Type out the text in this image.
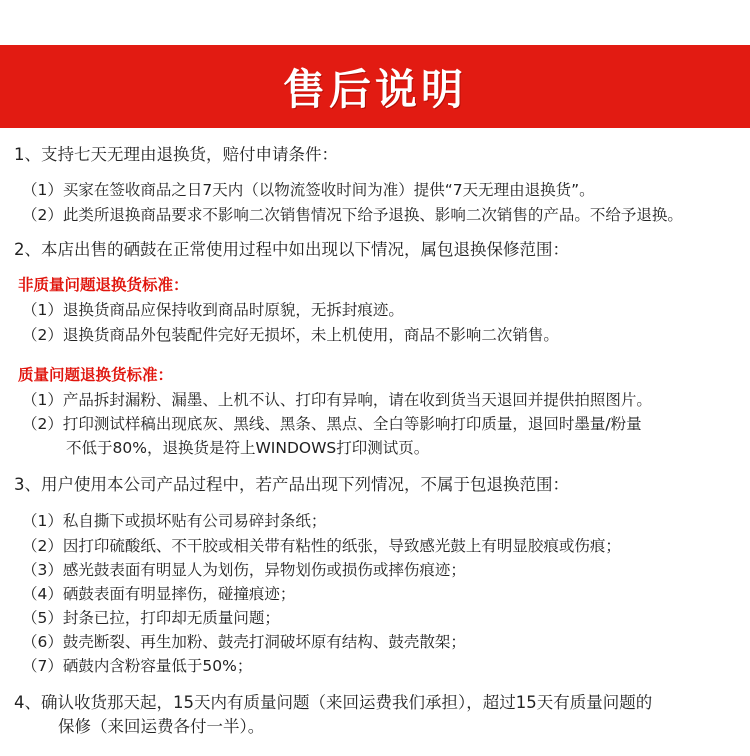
售后说明
1、支持七天无理由退换货，赔付申请条件：
（1）买家在签收商品之日7天内（以物流签收时间为准）提供“7天无理由退换货”。
（2）此类所退换商品要求不影响二次销售情况下给予退换、影响二次销售的产品。不给予退换。
2、本店出售的硒鼓在正常使用过程中如出现以下情况，属包退换保修范围：
非质量问题退换货标准：
（1）退换货商品应保持收到商品时原貌，无拆封痕迹。
（2）退换货商品外包装配件完好无损坏，未上机使用，商品不影响二次销售。
质量问题退换货标准：
（1）产品拆封漏粉、漏墨、上机不认、打印有异响，请在收到货当天退回并提供拍照图片。
（2）打印测试样稿出现底灰、黑线、黑条、黑点、全白等影响打印质量，退回时墨量/粉量
不低于80%，退换货是符上WINDOWS打印测试页。
3、用户使用本公司产品过程中，若产品出现下列情况，不属于包退换范围：
（1）私自撕下或损坏贴有公司易碎封条纸；
（2）因打印硫酸纸、不干胶或相关带有粘性的纸张，导致感光鼓上有明显胶痕或伤痕；
（3）感光鼓表面有明显人为划伤，异物划伤或损伤或摔伤痕迹；
（4）硒鼓表面有明显摔伤，碰撞痕迹；
（5）封条已拉，打印却无质量问题；
（6）鼓壳断裂、再生加粉、鼓壳打洞破坏原有结构、鼓壳散架；
（7）硒鼓内含粉容量低于50%；
4、确认收货那天起，15天内有质量问题（来回运费我们承担），超过15天有质量问题的
保修（来回运费各付一半）。
